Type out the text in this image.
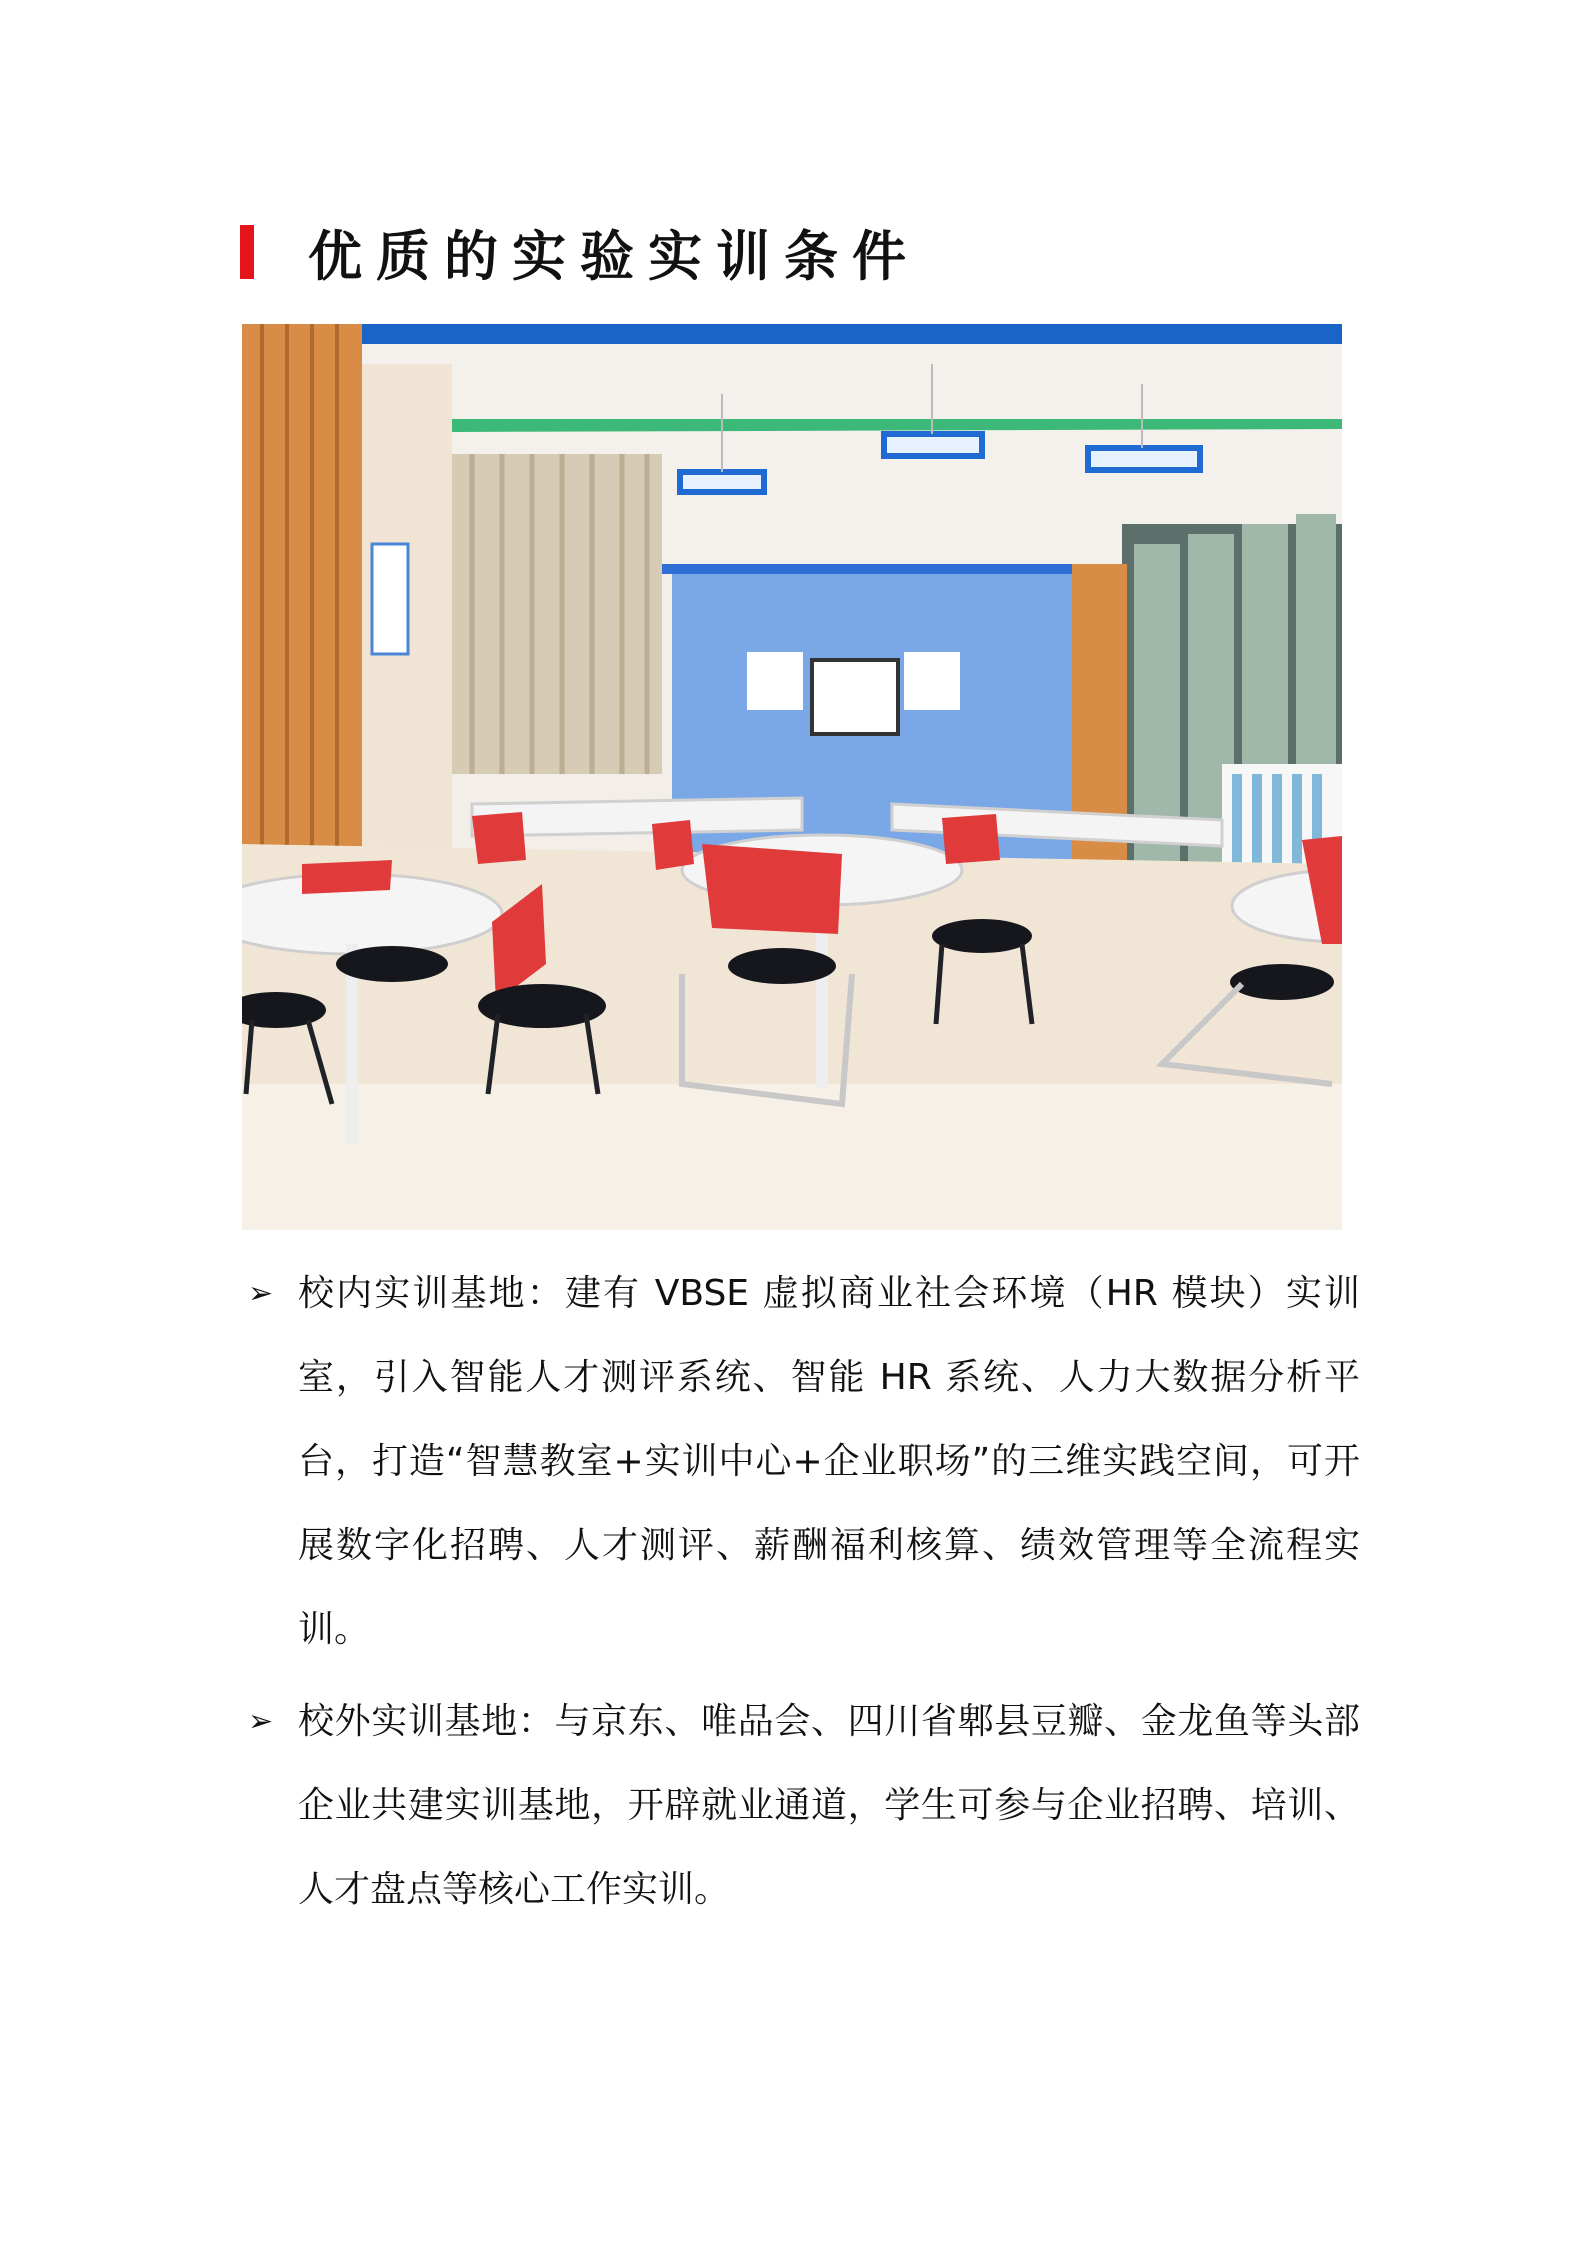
优质的实验实训条件
➢ 校内实训基地：建有 VBSE 虚拟商业社会环境（HR 模块）实训室，引入智能人才测评系统、智能 HR 系统、人力大数据分析平台，打造“智慧教室+实训中心+企业职场”的三维实践空间，可开展数字化招聘、人才测评、薪酬福利核算、绩效管理等全流程实训。
➢ 校外实训基地：与京东、唯品会、四川省郫县豆瓣、金龙鱼等头部企业共建实训基地，开辟就业通道，学生可参与企业招聘、培训、人才盘点等核心工作实训。
